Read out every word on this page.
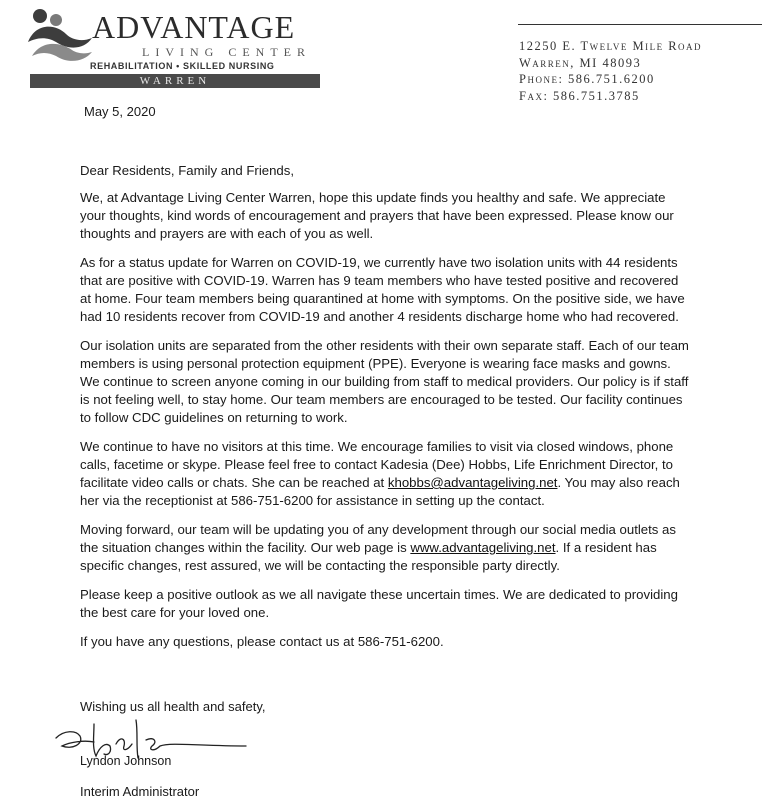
ADVANTAGE
LIVING CENTER
REHABILITATION • SKILLED NURSING
WARREN
12250 E. Twelve Mile Road
Warren, MI 48093
Phone: 586.751.6200
Fax: 586.751.3785
May 5, 2020

Dear Residents, Family and Friends,

We, at Advantage Living Center Warren, hope this update finds you healthy and safe. We appreciate your thoughts, kind words of encouragement and prayers that have been expressed. Please know our thoughts and prayers are with each of you as well.

As for a status update for Warren on COVID-19, we currently have two isolation units with 44 residents that are positive with COVID-19. Warren has 9 team members who have tested positive and recovered at home. Four team members being quarantined at home with symptoms. On the positive side, we have had 10 residents recover from COVID-19 and another 4 residents discharge home who had recovered.

Our isolation units are separated from the other residents with their own separate staff. Each of our team members is using personal protection equipment (PPE). Everyone is wearing face masks and gowns. We continue to screen anyone coming in our building from staff to medical providers. Our policy is if staff is not feeling well, to stay home. Our team members are encouraged to be tested. Our facility continues to follow CDC guidelines on returning to work.

We continue to have no visitors at this time. We encourage families to visit via closed windows, phone calls, facetime or skype. Please feel free to contact Kadesia (Dee) Hobbs, Life Enrichment Director, to facilitate video calls or chats. She can be reached at khobbs@advantageliving.net. You may also reach her via the receptionist at 586-751-6200 for assistance in setting up the contact.

Moving forward, our team will be updating you of any development through our social media outlets as the situation changes within the facility. Our web page is www.advantageliving.net. If a resident has specific changes, rest assured, we will be contacting the responsible party directly.

Please keep a positive outlook as we all navigate these uncertain times. We are dedicated to providing the best care for your loved one.

If you have any questions, please contact us at 586-751-6200.

Wishing us all health and safety,
Lyndon Johnson
Interim Administrator
